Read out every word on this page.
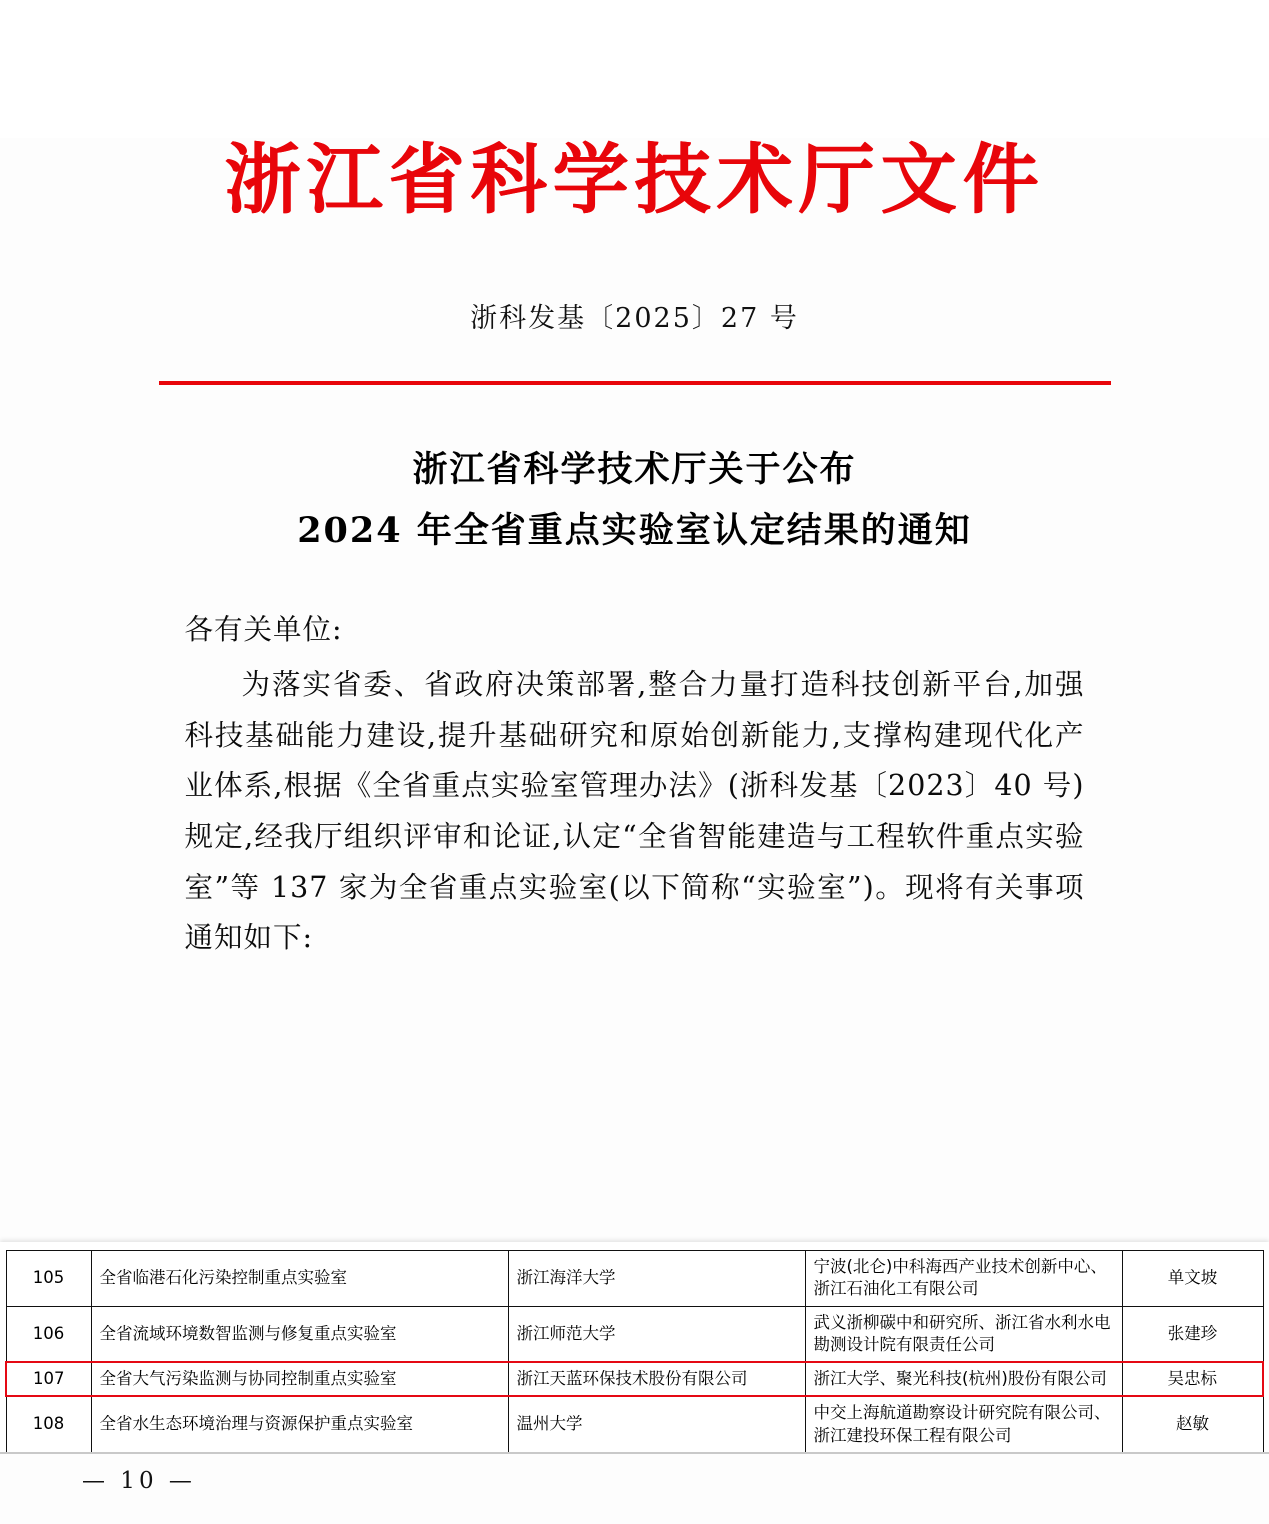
浙江省科学技术厅文件
浙科发基〔2025〕27 号
浙江省科学技术厅关于公布
2024 年全省重点实验室认定结果的通知

各有关单位:

为落实省委、省政府决策部署,整合力量打造科技创新平台,加强科技基础能力建设,提升基础研究和原始创新能力,支撑构建现代化产业体系,根据《全省重点实验室管理办法》(浙科发基〔2023〕40 号)规定,经我厅组织评审和论证,认定“全省智能建造与工程软件重点实验室”等 137 家为全省重点实验室(以下简称“实验室”)。现将有关事项通知如下:

105	全省临港石化污染控制重点实验室	浙江海洋大学	宁波(北仑)中科海西产业技术创新中心、浙江石油化工有限公司	单文坡
106	全省流域环境数智监测与修复重点实验室	浙江师范大学	武义浙柳碳中和研究所、浙江省水利水电勘测设计院有限责任公司	张建珍
107	全省大气污染监测与协同控制重点实验室	浙江天蓝环保技术股份有限公司	浙江大学、聚光科技(杭州)股份有限公司	吴忠标
108	全省水生态环境治理与资源保护重点实验室	温州大学	中交上海航道勘察设计研究院有限公司、浙江建投环保工程有限公司	赵敏
— 10 —
